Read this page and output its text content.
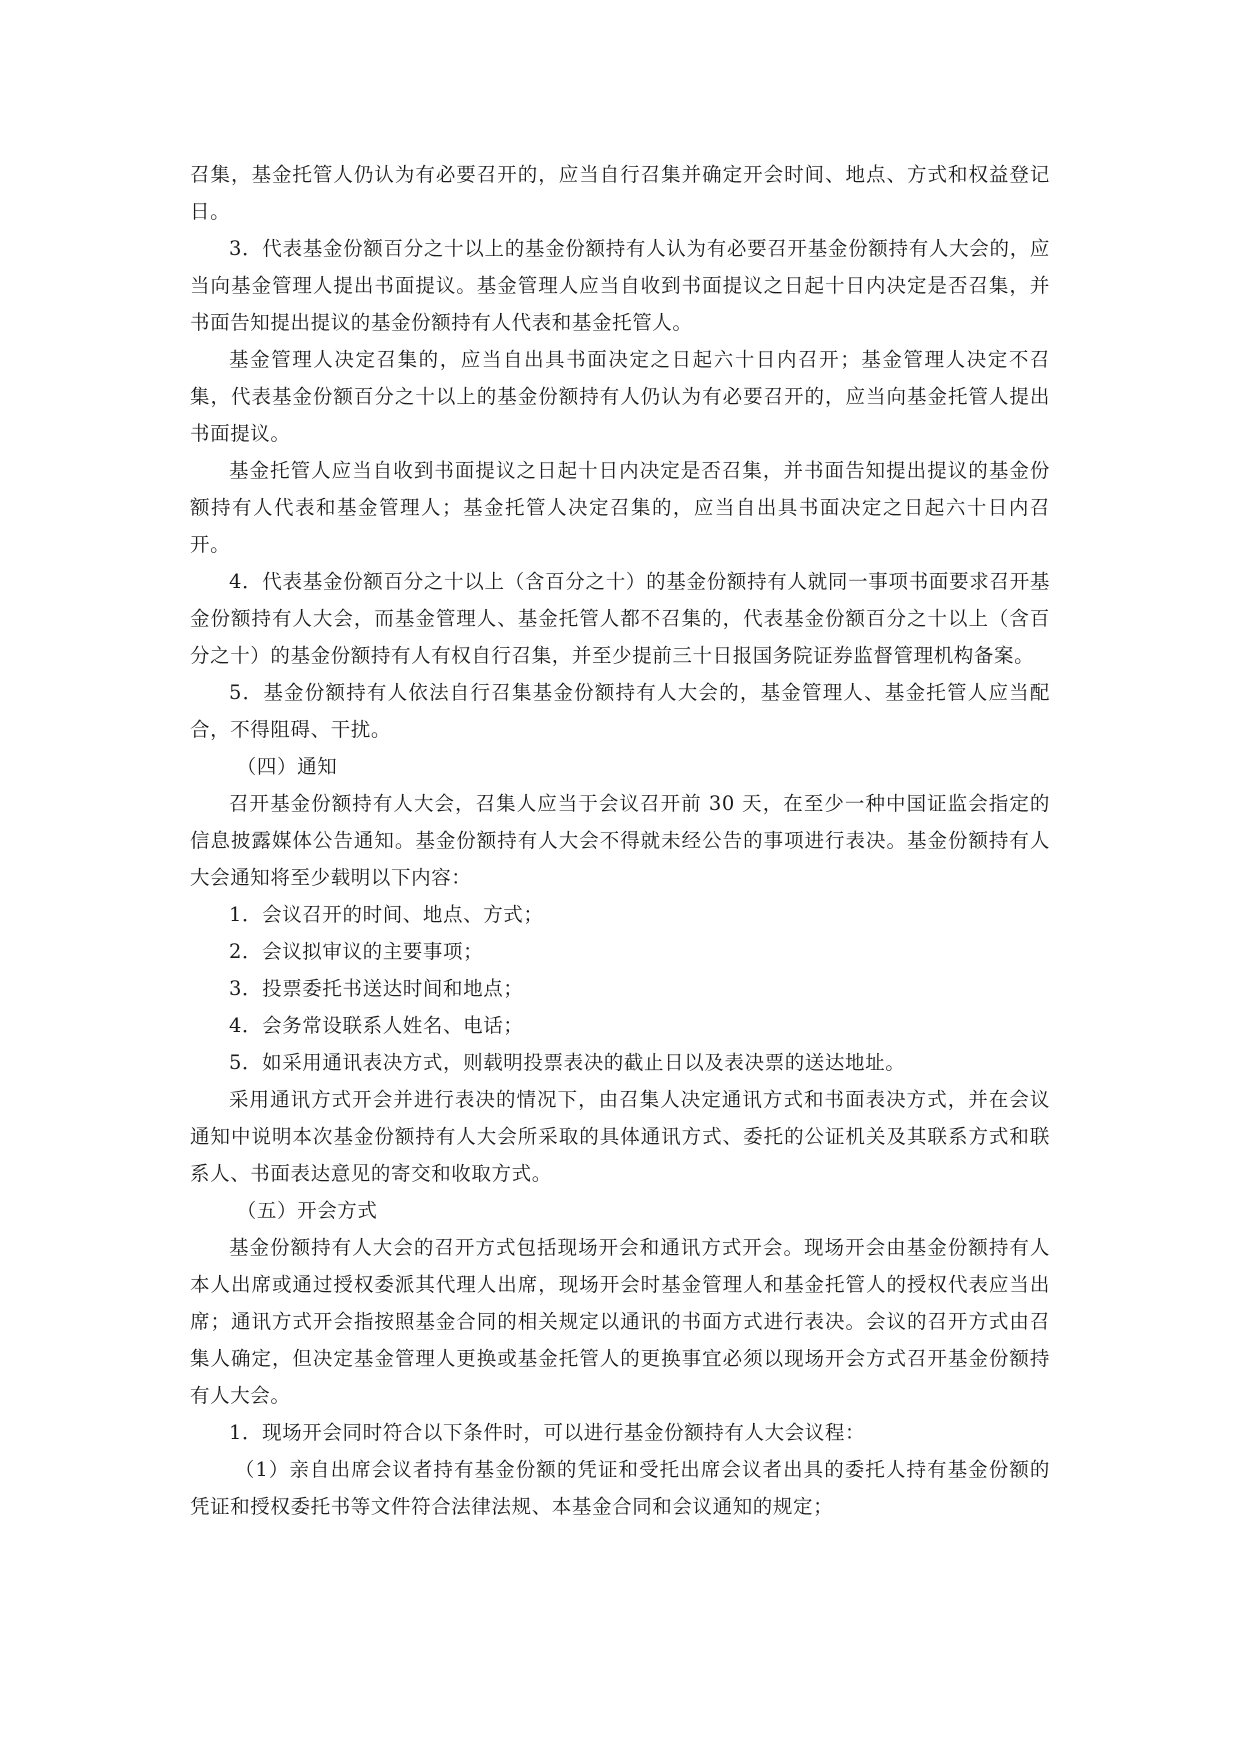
召集，基金托管人仍认为有必要召开的，应当自行召集并确定开会时间、地点、方式和权益登记日。

3．代表基金份额百分之十以上的基金份额持有人认为有必要召开基金份额持有人大会的，应当向基金管理人提出书面提议。基金管理人应当自收到书面提议之日起十日内决定是否召集，并书面告知提出提议的基金份额持有人代表和基金托管人。

基金管理人决定召集的，应当自出具书面决定之日起六十日内召开；基金管理人决定不召集，代表基金份额百分之十以上的基金份额持有人仍认为有必要召开的，应当向基金托管人提出书面提议。

基金托管人应当自收到书面提议之日起十日内决定是否召集，并书面告知提出提议的基金份额持有人代表和基金管理人；基金托管人决定召集的，应当自出具书面决定之日起六十日内召开。

4．代表基金份额百分之十以上（含百分之十）的基金份额持有人就同一事项书面要求召开基金份额持有人大会，而基金管理人、基金托管人都不召集的，代表基金份额百分之十以上（含百分之十）的基金份额持有人有权自行召集，并至少提前三十日报国务院证券监督管理机构备案。

5．基金份额持有人依法自行召集基金份额持有人大会的，基金管理人、基金托管人应当配合，不得阻碍、干扰。

（四）通知

召开基金份额持有人大会，召集人应当于会议召开前 30 天，在至少一种中国证监会指定的信息披露媒体公告通知。基金份额持有人大会不得就未经公告的事项进行表决。基金份额持有人大会通知将至少载明以下内容：

1．会议召开的时间、地点、方式；

2．会议拟审议的主要事项；

3．投票委托书送达时间和地点；

4．会务常设联系人姓名、电话；

5．如采用通讯表决方式，则载明投票表决的截止日以及表决票的送达地址。

采用通讯方式开会并进行表决的情况下，由召集人决定通讯方式和书面表决方式，并在会议通知中说明本次基金份额持有人大会所采取的具体通讯方式、委托的公证机关及其联系方式和联系人、书面表达意见的寄交和收取方式。

（五）开会方式

基金份额持有人大会的召开方式包括现场开会和通讯方式开会。现场开会由基金份额持有人本人出席或通过授权委派其代理人出席，现场开会时基金管理人和基金托管人的授权代表应当出席；通讯方式开会指按照基金合同的相关规定以通讯的书面方式进行表决。会议的召开方式由召集人确定，但决定基金管理人更换或基金托管人的更换事宜必须以现场开会方式召开基金份额持有人大会。

1．现场开会同时符合以下条件时，可以进行基金份额持有人大会议程：

（1）亲自出席会议者持有基金份额的凭证和受托出席会议者出具的委托人持有基金份额的凭证和授权委托书等文件符合法律法规、本基金合同和会议通知的规定；
